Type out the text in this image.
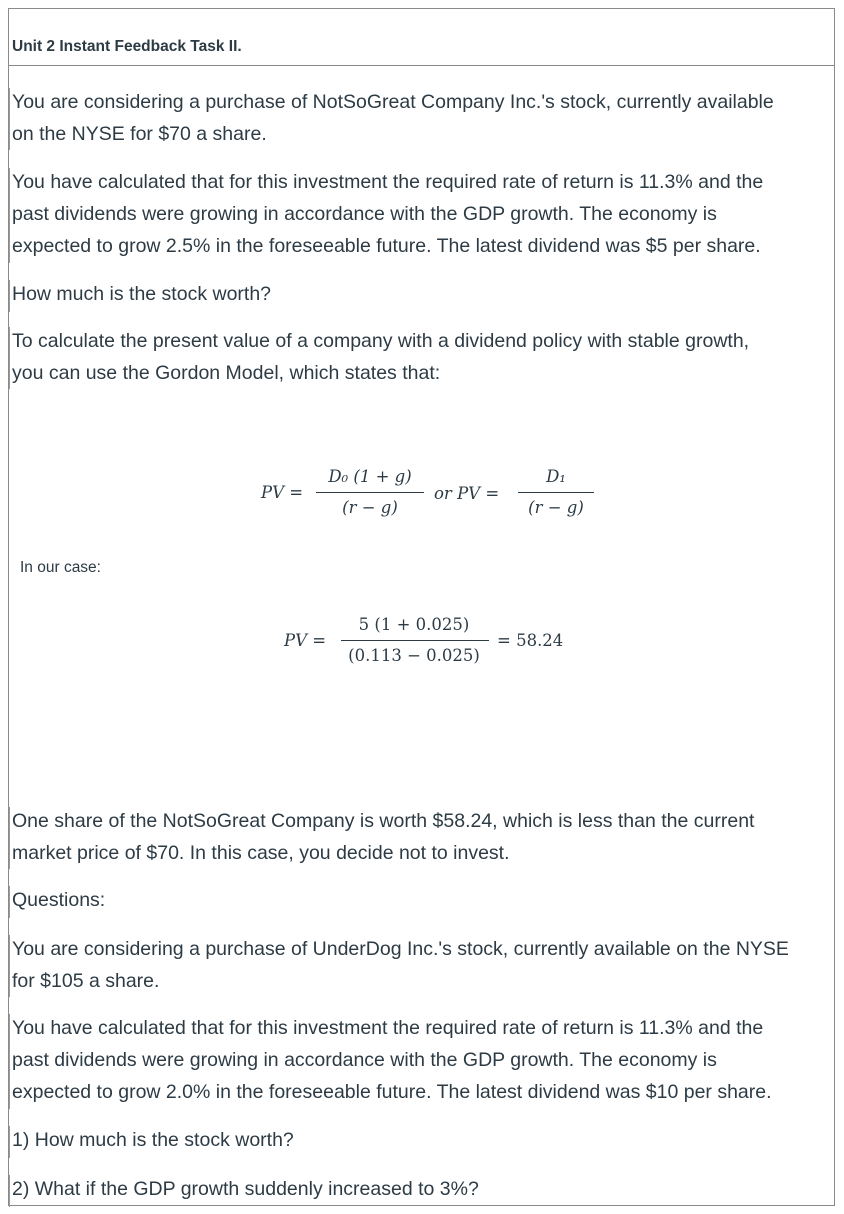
Unit 2 Instant Feedback Task II.
You are considering a purchase of NotSoGreat Company Inc.'s stock, currently available
on the NYSE for $70 a share.
You have calculated that for this investment the required rate of return is 11.3% and the
past dividends were growing in accordance with the GDP growth. The economy is
expected to grow 2.5% in the foreseeable future. The latest dividend was $5 per share.
How much is the stock worth?
To calculate the present value of a company with a dividend policy with stable growth,
you can use the Gordon Model, which states that:
PV =
D₀ (1 + g)
(r − g)
or PV =
D₁
(r − g)
In our case:
PV =
5 (1 + 0.025)
(0.113 − 0.025)
= 58.24
One share of the NotSoGreat Company is worth $58.24, which is less than the current
market price of $70. In this case, you decide not to invest.
Questions:
You are considering a purchase of UnderDog Inc.'s stock, currently available on the NYSE
for $105 a share.
You have calculated that for this investment the required rate of return is 11.3% and the
past dividends were growing in accordance with the GDP growth. The economy is
expected to grow 2.0% in the foreseeable future. The latest dividend was $10 per share.
1) How much is the stock worth?
2) What if the GDP growth suddenly increased to 3%?
